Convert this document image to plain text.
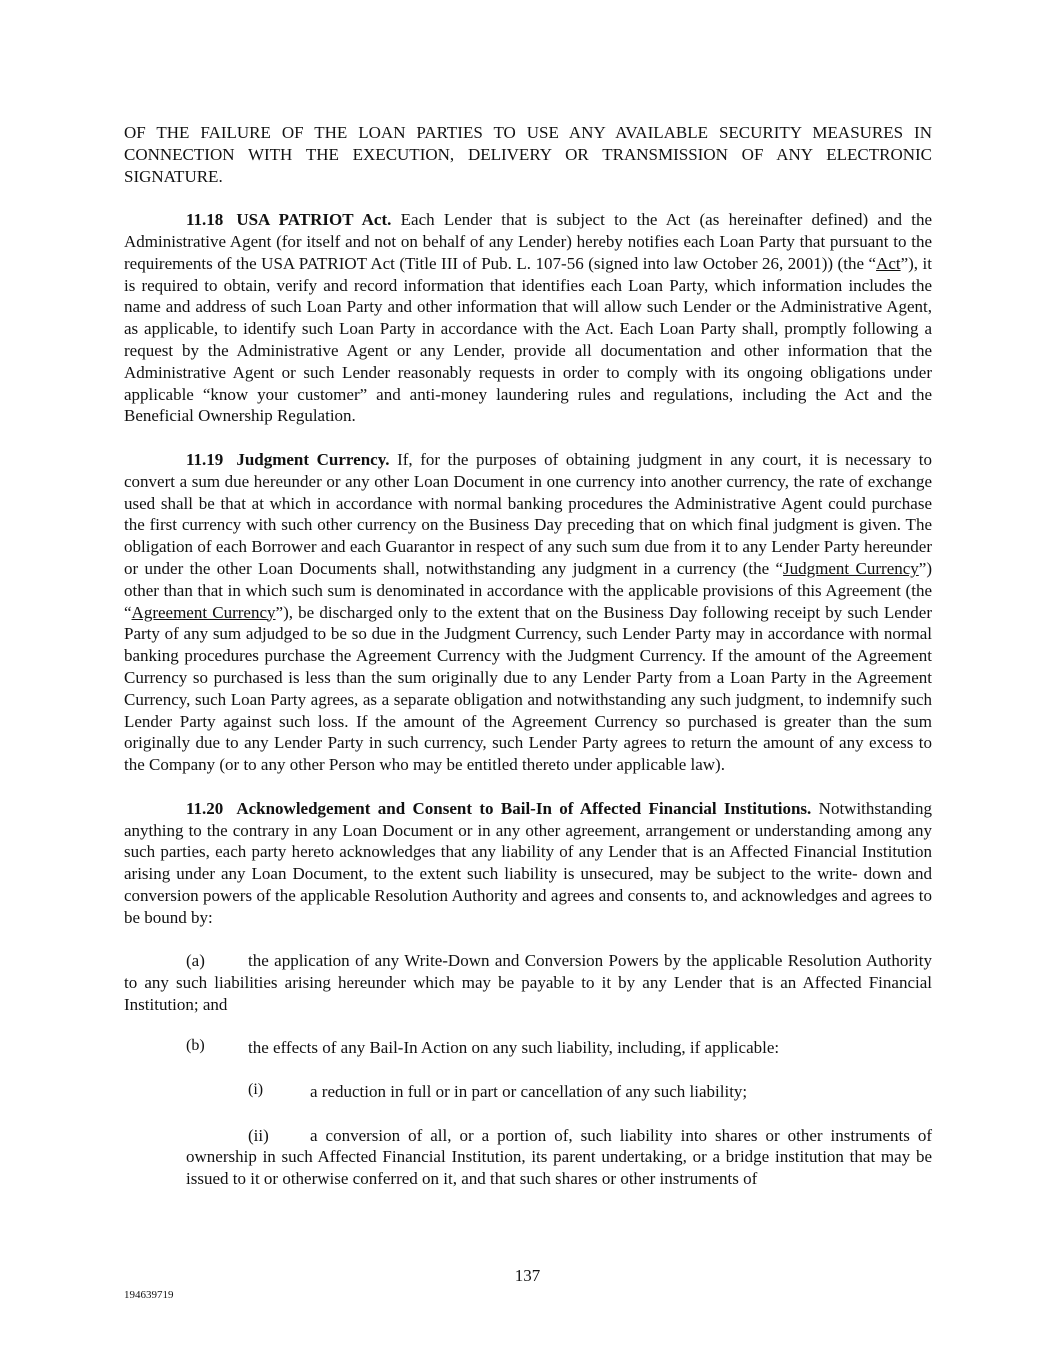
OF THE FAILURE OF THE LOAN PARTIES TO USE ANY AVAILABLE SECURITY MEASURES IN CONNECTION WITH THE EXECUTION, DELIVERY OR TRANSMISSION OF ANY ELECTRONIC SIGNATURE.

11.18 USA PATRIOT Act. Each Lender that is subject to the Act (as hereinafter defined) and the Administrative Agent (for itself and not on behalf of any Lender) hereby notifies each Loan Party that pursuant to the requirements of the USA PATRIOT Act (Title III of Pub. L. 107-56 (signed into law October 26, 2001)) (the “Act”), it is required to obtain, verify and record information that identifies each Loan Party, which information includes the name and address of such Loan Party and other information that will allow such Lender or the Administrative Agent, as applicable, to identify such Loan Party in accordance with the Act. Each Loan Party shall, promptly following a request by the Administrative Agent or any Lender, provide all documentation and other information that the Administrative Agent or such Lender reasonably requests in order to comply with its ongoing obligations under applicable “know your customer” and anti-money laundering rules and regulations, including the Act and the Beneficial Ownership Regulation.

11.19 Judgment Currency. If, for the purposes of obtaining judgment in any court, it is necessary to convert a sum due hereunder or any other Loan Document in one currency into another currency, the rate of exchange used shall be that at which in accordance with normal banking procedures the Administrative Agent could purchase the first currency with such other currency on the Business Day preceding that on which final judgment is given. The obligation of each Borrower and each Guarantor in respect of any such sum due from it to any Lender Party hereunder or under the other Loan Documents shall, notwithstanding any judgment in a currency (the “Judgment Currency”) other than that in which such sum is denominated in accordance with the applicable provisions of this Agreement (the “Agreement Currency”), be discharged only to the extent that on the Business Day following receipt by such Lender Party of any sum adjudged to be so due in the Judgment Currency, such Lender Party may in accordance with normal banking procedures purchase the Agreement Currency with the Judgment Currency. If the amount of the Agreement Currency so purchased is less than the sum originally due to any Lender Party from a Loan Party in the Agreement Currency, such Loan Party agrees, as a separate obligation and notwithstanding any such judgment, to indemnify such Lender Party against such loss. If the amount of the Agreement Currency so purchased is greater than the sum originally due to any Lender Party in such currency, such Lender Party agrees to return the amount of any excess to the Company (or to any other Person who may be entitled thereto under applicable law).

11.20 Acknowledgement and Consent to Bail-In of Affected Financial Institutions. Notwithstanding anything to the contrary in any Loan Document or in any other agreement, arrangement or understanding among any such parties, each party hereto acknowledges that any liability of any Lender that is an Affected Financial Institution arising under any Loan Document, to the extent such liability is unsecured, may be subject to the write- down and conversion powers of the applicable Resolution Authority and agrees and consents to, and acknowledges and agrees to be bound by:

(a)	the application of any Write-Down and Conversion Powers by the applicable Resolution Authority to any such liabilities arising hereunder which may be payable to it by any Lender that is an Affected Financial Institution; and

(b)	the effects of any Bail-In Action on any such liability, including, if applicable:

(i)	a reduction in full or in part or cancellation of any such liability;

(ii) a conversion of all, or a portion of, such liability into shares or other instruments of ownership in such Affected Financial Institution, its parent undertaking, or a bridge institution that may be issued to it or otherwise conferred on it, and that such shares or other instruments of

137
194639719
